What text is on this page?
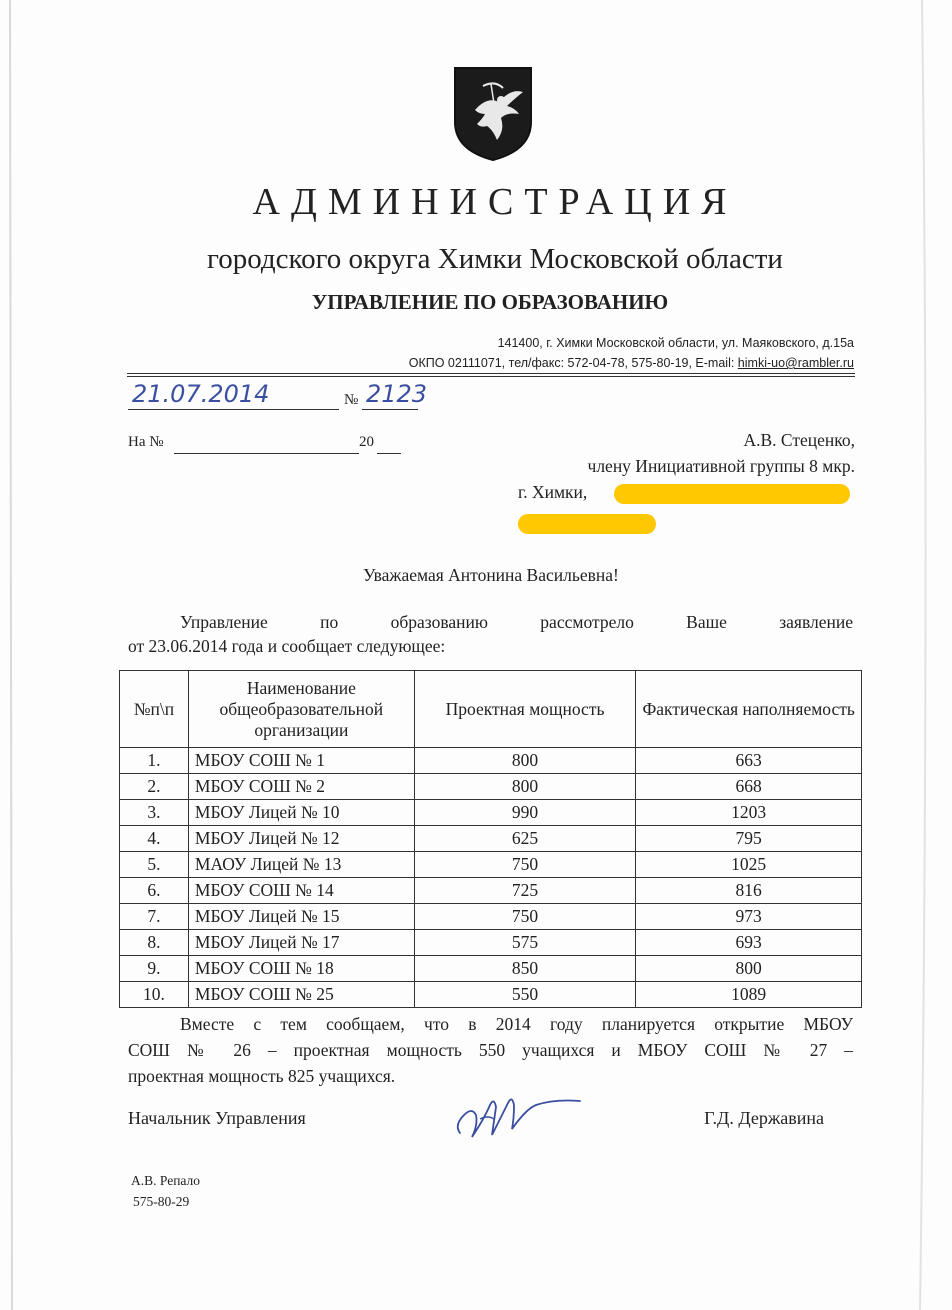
АДМИНИСТРАЦИЯ
городского округа Химки Московской области
УПРАВЛЕНИЕ ПО ОБРАЗОВАНИЮ
141400, г. Химки Московской области, ул. Маяковского, д.15а
ОКПО 02111071, тел/факс: 572-04-78, 575-80-19, E-mail: himki-uo@rambler.ru
21.07.2014	№ 2123
На №	20	А.В. Стеценко,
члену Инициативной группы 8 мкр.
г. Химки,
Уважаемая Антонина Васильевна!
Управление по образованию рассмотрело Ваше заявление
от 23.06.2014 года и сообщает следующее:
№п\п	Наименование общеобразовательной организации	Проектная мощность	Фактическая наполняемость
1.	МБОУ СОШ № 1	800	663
2.	МБОУ СОШ № 2	800	668
3.	МБОУ Лицей № 10	990	1203
4.	МБОУ Лицей № 12	625	795
5.	МАОУ Лицей № 13	750	1025
6.	МБОУ СОШ № 14	725	816
7.	МБОУ Лицей № 15	750	973
8.	МБОУ Лицей № 17	575	693
9.	МБОУ СОШ № 18	850	800
10.	МБОУ СОШ № 25	550	1089
Вместе с тем сообщаем, что в 2014 году планируется открытие МБОУ
СОШ № 26 – проектная мощность 550 учащихся и МБОУ СОШ № 27 –
проектная мощность 825 учащихся.
Начальник Управления	Г.Д. Державина
А.В. Репало
575-80-29
